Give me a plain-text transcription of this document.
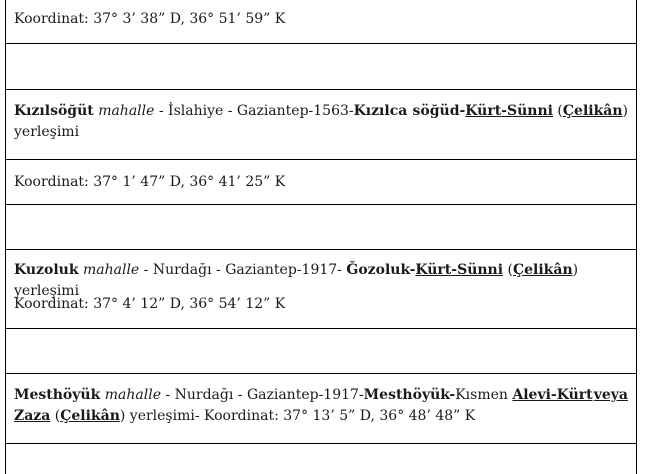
Koordinat: 37° 3’ 38” D, 36° 51’ 59” K
Kızılsöğüt mahalle - İslahiye - Gaziantep-1563-Kızılca söğüd-Kürt-Sünni (Çelikân)
yerleşimi
Koordinat: 37° 1’ 47” D, 36° 41’ 25” K
Kuzoluk mahalle - Nurdağı - Gaziantep-1917- Ğozoluk-Kürt-Sünni (Çelikân) yerleşimi
Koordinat: 37° 4’ 12” D, 36° 54’ 12” K
Mesthöyük mahalle - Nurdağı - Gaziantep-1917-Mesthöyük-Kısmen Alevi-Kürt veya
Zaza (Çelikân) yerleşimi- Koordinat: 37° 13’ 5” D, 36° 48’ 48” K
